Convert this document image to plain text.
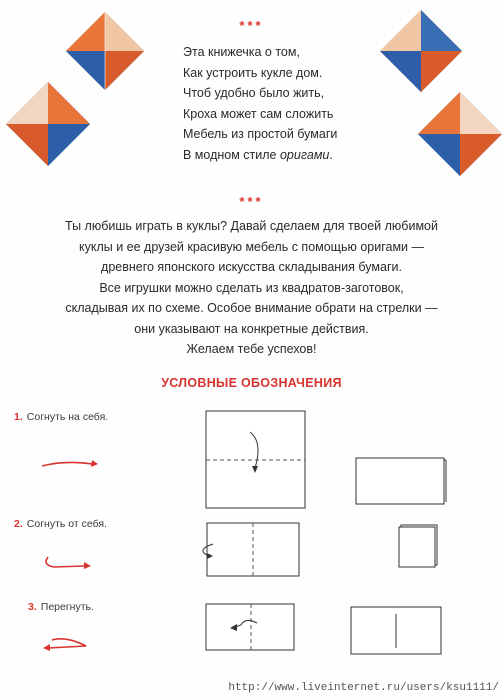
***
Эта книжечка о том,
Как устроить кукле дом.
Чтоб удобно было жить,
Кроха может сам сложить
Мебель из простой бумаги
В модном стиле оригами.
***
Ты любишь играть в куклы? Давай сделаем для твоей любимой
куклы и ее друзей красивую мебель с помощью оригами —
древнего японского искусства складывания бумаги.
Все игрушки можно сделать из квадратов-заготовок,
складывая их по схеме. Особое внимание обрати на стрелки —
они указывают на конкретные действия.
Желаем тебе успехов!
УСЛОВНЫЕ ОБОЗНАЧЕНИЯ
1. Согнуть на себя.
2. Согнуть от себя.
3. Перегнуть.
http://www.liveinternet.ru/users/ksu1111/
